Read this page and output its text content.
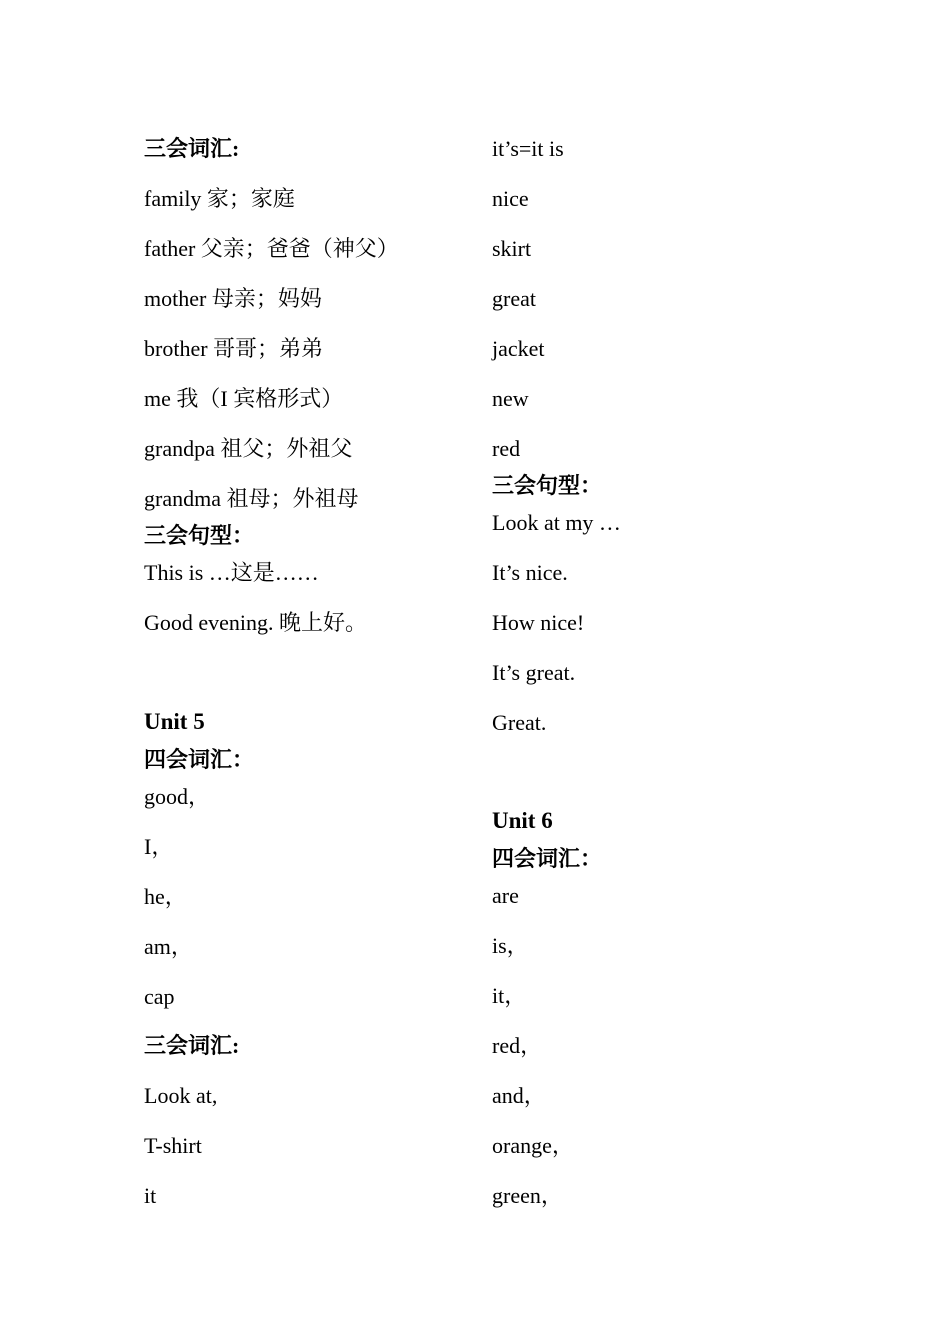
三会词汇:
family 家；家庭
father 父亲；爸爸（神父）
mother 母亲；妈妈
brother 哥哥；弟弟
me 我（I 宾格形式）
grandpa 祖父；外祖父
grandma 祖母；外祖母
三会句型：
This is …这是……
Good evening. 晚上好。
Unit 5
四会词汇：
good，
I，
he，
am，
cap
三会词汇:
Look at,
T-shirt
it
it’s=it is
nice
skirt
great
jacket
new
red
三会句型：
Look at my …
It’s nice.
How nice!
It’s great.
Great.
Unit 6
四会词汇：
are
is，
it，
red，
and，
orange，
green，
